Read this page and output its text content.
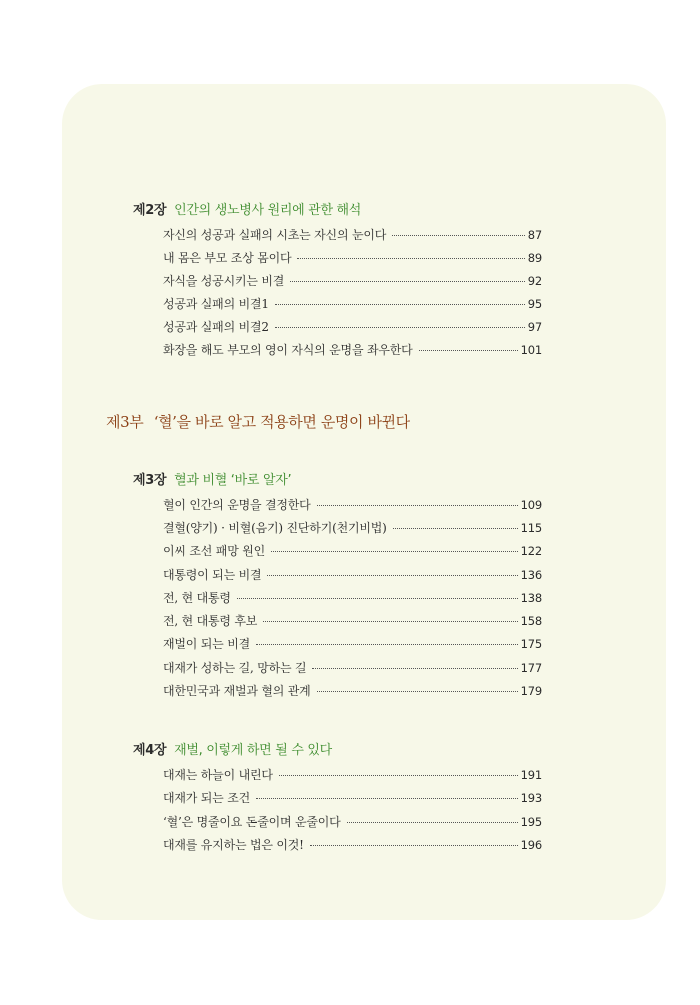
제2장 인간의 생노병사 원리에 관한 해석
자신의 성공과 실패의 시초는 자신의 눈이다	87
내 몸은 부모 조상 몸이다	89
자식을 성공시키는 비결	92
성공과 실패의 비결1	95
성공과 실패의 비결2	97
화장을 해도 부모의 영이 자식의 운명을 좌우한다	101
제3부 ‘혈’을 바로 알고 적용하면 운명이 바뀐다
제3장 혈과 비혈 ‘바로 알자’
혈이 인간의 운명을 결정한다	109
결혈(양기) · 비혈(음기) 진단하기(천기비법)	115
이씨 조선 패망 원인	122
대통령이 되는 비결	136
전, 현 대통령	138
전, 현 대통령 후보	158
재벌이 되는 비결	175
대재가 성하는 길, 망하는 길	177
대한민국과 재벌과 혈의 관계	179
제4장 재벌, 이렇게 하면 될 수 있다
대재는 하늘이 내린다	191
대재가 되는 조건	193
‘혈’은 명줄이요 돈줄이며 운줄이다	195
대재를 유지하는 법은 이것!	196
